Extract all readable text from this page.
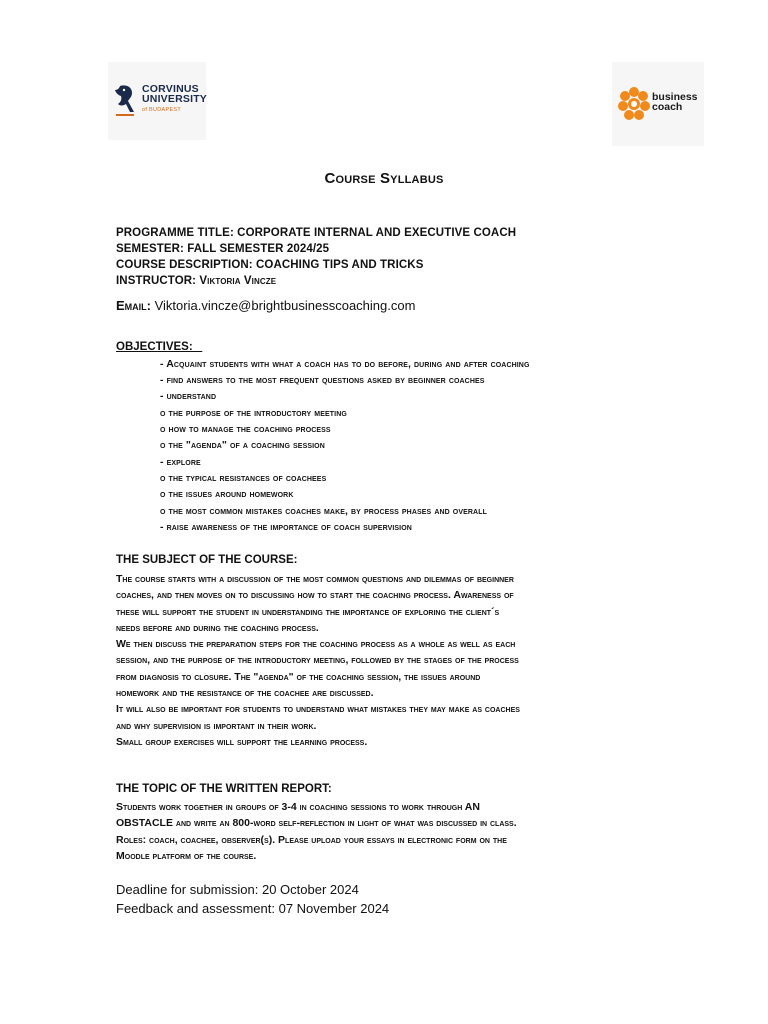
CORVINUS
UNIVERSITY
of BUDAPEST
business
coach
Course Syllabus
PROGRAMME TITLE: CORPORATE INTERNAL AND EXECUTIVE COACH
SEMESTER: FALL SEMESTER 2024/25
COURSE DESCRIPTION: COACHING TIPS AND TRICKS
INSTRUCTOR: Viktoria Vincze
Email: Viktoria.vincze@brightbusinesscoaching.com
OBJECTIVES:
- Acquaint students with what a coach has to do before, during and after coaching
- find answers to the most frequent questions asked by beginner coaches
- understand
o the purpose of the introductory meeting
o how to manage the coaching process
o the "agenda" of a coaching session
- explore
o the typical resistances of coachees
o the issues around homework
o the most common mistakes coaches make, by process phases and overall
- raise awareness of the importance of coach supervision
THE SUBJECT OF THE COURSE:
The course starts with a discussion of the most common questions and dilemmas of beginner
coaches, and then moves on to discussing how to start the coaching process. Awareness of
these will support the student in understanding the importance of exploring the client´s
needs before and during the coaching process.
We then discuss the preparation steps for the coaching process as a whole as well as each
session, and the purpose of the introductory meeting, followed by the stages of the process
from diagnosis to closure. The "agenda" of the coaching session, the issues around
homework and the resistance of the coachee are discussed.
It will also be important for students to understand what mistakes they may make as coaches
and why supervision is important in their work.
Small group exercises will support the learning process.
THE TOPIC OF THE WRITTEN REPORT:
Students work together in groups of 3-4 in coaching sessions to work through AN
OBSTACLE and write an 800-word self-reflection in light of what was discussed in class.
Roles: coach, coachee, observer(s). Please upload your essays in electronic form on the
Moodle platform of the course.
Deadline for submission: 20 October 2024
Feedback and assessment: 07 November 2024
